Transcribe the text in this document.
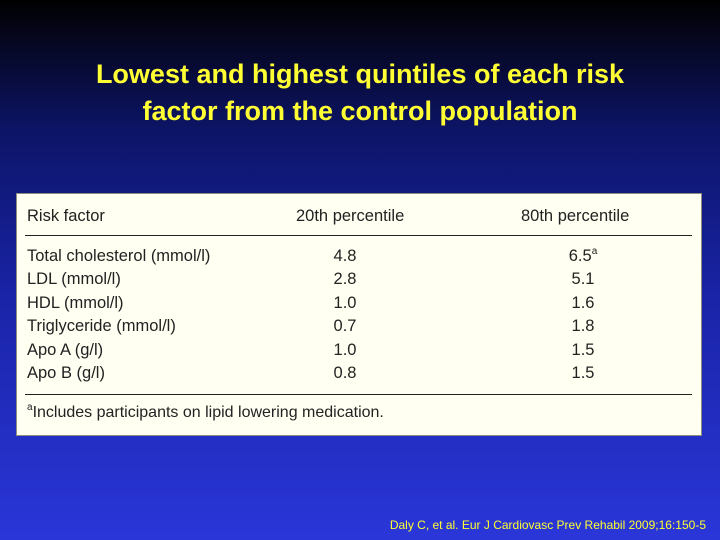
Lowest and highest quintiles of each risk
factor from the control population
Risk factor	20th percentile	80th percentile
Total cholesterol (mmol/l)	4.8	6.5$^a$
LDL (mmol/l)	2.8	5.1
HDL (mmol/l)	1.0	1.6
Triglyceride (mmol/l)	0.7	1.8
Apo A (g/l)	1.0	1.5
Apo B (g/l)	0.8	1.5
$^a$Includes participants on lipid lowering medication.
Daly C, et al. Eur J Cardiovasc Prev Rehabil 2009;16:150-5
